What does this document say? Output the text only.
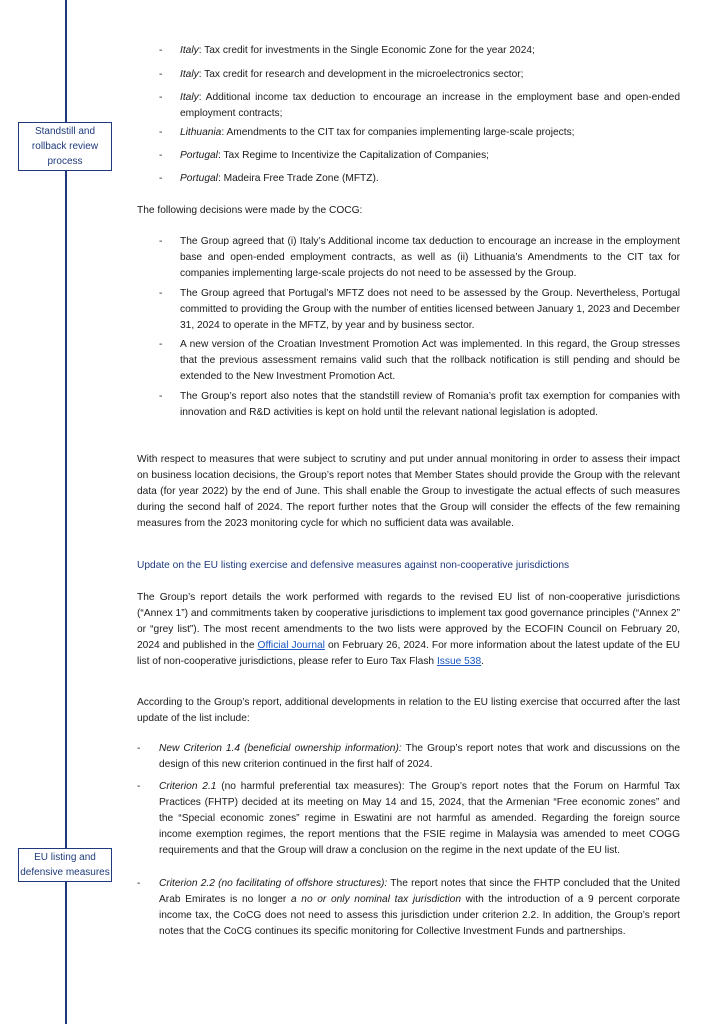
Standstill and rollback review process
EU listing and defensive measures
- Italy: Tax credit for investments in the Single Economic Zone for the year 2024;
- Italy: Tax credit for research and development in the microelectronics sector;
- Italy: Additional income tax deduction to encourage an increase in the employment base and open-ended employment contracts;
- Lithuania: Amendments to the CIT tax for companies implementing large-scale projects;
- Portugal: Tax Regime to Incentivize the Capitalization of Companies;
- Portugal: Madeira Free Trade Zone (MFTZ).
The following decisions were made by the COCG:
- The Group agreed that (i) Italy’s Additional income tax deduction to encourage an increase in the employment base and open-ended employment contracts, as well as (ii) Lithuania’s Amendments to the CIT tax for companies implementing large-scale projects do not need to be assessed by the Group.
- The Group agreed that Portugal’s MFTZ does not need to be assessed by the Group. Nevertheless, Portugal committed to providing the Group with the number of entities licensed between January 1, 2023 and December 31, 2024 to operate in the MFTZ, by year and by business sector.
- A new version of the Croatian Investment Promotion Act was implemented. In this regard, the Group stresses that the previous assessment remains valid such that the rollback notification is still pending and should be extended to the New Investment Promotion Act.
- The Group’s report also notes that the standstill review of Romania’s profit tax exemption for companies with innovation and R&D activities is kept on hold until the relevant national legislation is adopted.
With respect to measures that were subject to scrutiny and put under annual monitoring in order to assess their impact on business location decisions, the Group’s report notes that Member States should provide the Group with the relevant data (for year 2022) by the end of June. This shall enable the Group to investigate the actual effects of such measures during the second half of 2024. The report further notes that the Group will consider the effects of the few remaining measures from the 2023 monitoring cycle for which no sufficient data was available.
Update on the EU listing exercise and defensive measures against non-cooperative jurisdictions
The Group’s report details the work performed with regards to the revised EU list of non-cooperative jurisdictions (“Annex 1”) and commitments taken by cooperative jurisdictions to implement tax good governance principles (“Annex 2” or “grey list”). The most recent amendments to the two lists were approved by the ECOFIN Council on February 20, 2024 and published in the Official Journal on February 26, 2024. For more information about the latest update of the EU list of non-cooperative jurisdictions, please refer to Euro Tax Flash Issue 538.
According to the Group’s report, additional developments in relation to the EU listing exercise that occurred after the last update of the list include:
- New Criterion 1.4 (beneficial ownership information): The Group’s report notes that work and discussions on the design of this new criterion continued in the first half of 2024.
- Criterion 2.1 (no harmful preferential tax measures): The Group’s report notes that the Forum on Harmful Tax Practices (FHTP) decided at its meeting on May 14 and 15, 2024, that the Armenian “Free economic zones” and the “Special economic zones” regime in Eswatini are not harmful as amended. Regarding the foreign source income exemption regimes, the report mentions that the FSIE regime in Malaysia was amended to meet COGG requirements and that the Group will draw a conclusion on the regime in the next update of the EU list.
- Criterion 2.2 (no facilitating of offshore structures): The report notes that since the FHTP concluded that the United Arab Emirates is no longer a no or only nominal tax jurisdiction with the introduction of a 9 percent corporate income tax, the CoCG does not need to assess this jurisdiction under criterion 2.2. In addition, the Group’s report notes that the CoCG continues its specific monitoring for Collective Investment Funds and partnerships.
